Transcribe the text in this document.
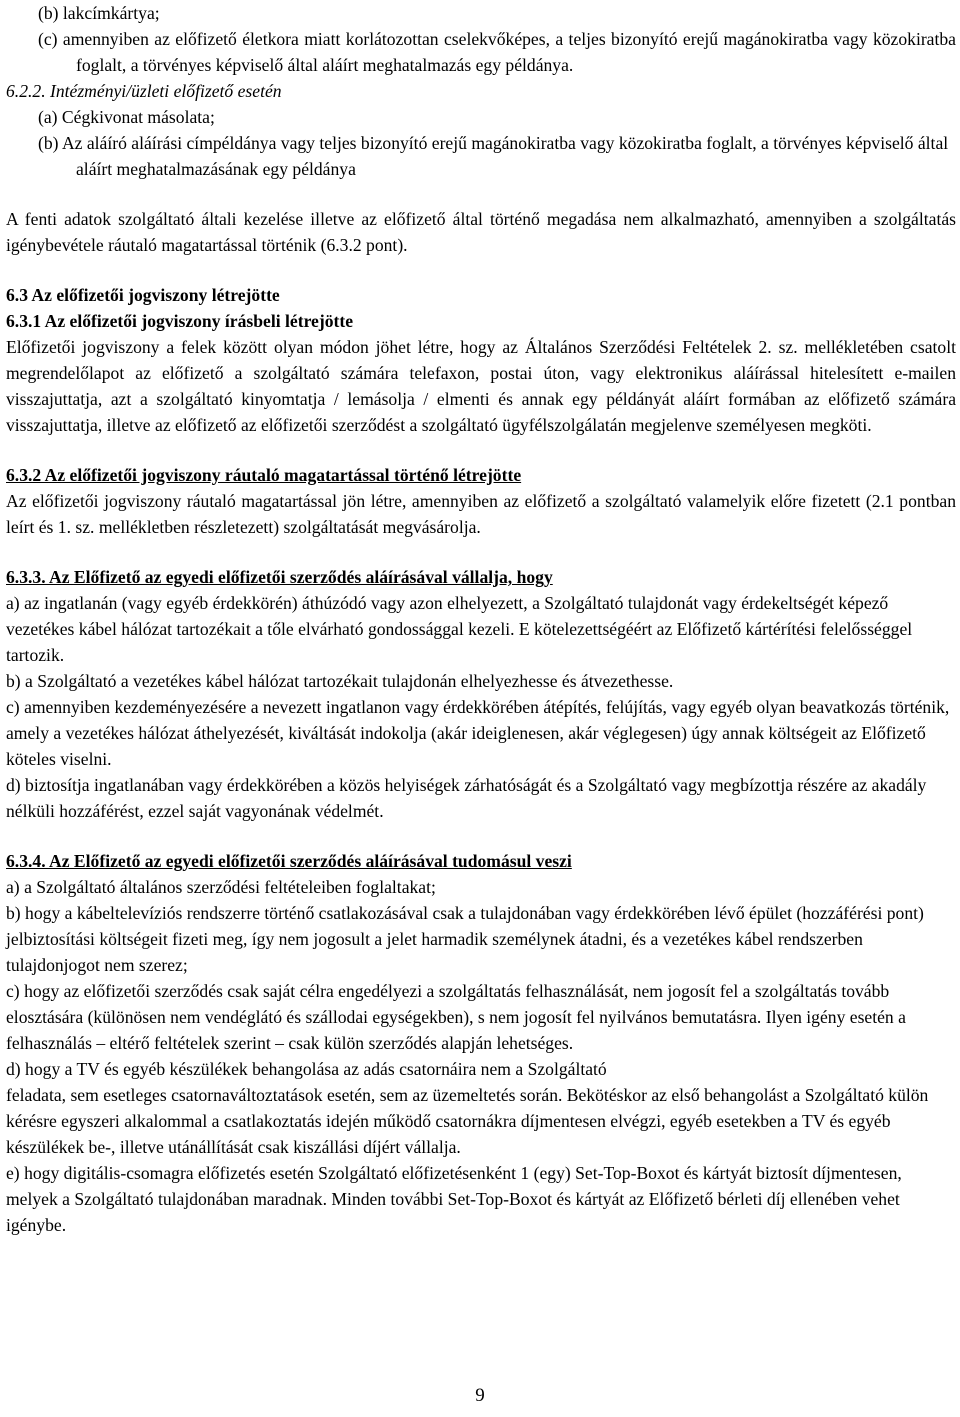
(b) lakcímkártya;

(c) amennyiben az előfizető életkora miatt korlátozottan cselekvőképes, a teljes bizonyító erejű magánokiratba vagy közokiratba foglalt, a törvényes képviselő által aláírt meghatalmazás egy példánya.

6.2.2. Intézményi/üzleti előfizető esetén

(a) Cégkivonat másolata;

(b) Az aláíró aláírási címpéldánya vagy teljes bizonyító erejű magánokiratba vagy közokiratba foglalt, a törvényes képviselő által aláírt meghatalmazásának egy példánya

A fenti adatok szolgáltató általi kezelése illetve az előfizető által történő megadása nem alkalmazható, amennyiben a szolgáltatás igénybevétele ráutaló magatartással történik (6.3.2 pont).

6.3 Az előfizetői jogviszony létrejötte

6.3.1 Az előfizetői jogviszony írásbeli létrejötte

Előfizetői jogviszony a felek között olyan módon jöhet létre, hogy az Általános Szerződési Feltételek 2. sz. mellékletében csatolt megrendelőlapot az előfizető a szolgáltató számára telefaxon, postai úton, vagy elektronikus aláírással hitelesített e-mailen visszajuttatja, azt a szolgáltató kinyomtatja / lemásolja / elmenti és annak egy példányát aláírt formában az előfizető számára visszajuttatja, illetve az előfizető az előfizetői szerződést a szolgáltató ügyfélszolgálatán megjelenve személyesen megköti.

6.3.2 Az előfizetői jogviszony ráutaló magatartással történő létrejötte

Az előfizetői jogviszony ráutaló magatartással jön létre, amennyiben az előfizető a szolgáltató valamelyik előre fizetett (2.1 pontban leírt és 1. sz. mellékletben részletezett) szolgáltatását megvásárolja.

6.3.3. Az Előfizető az egyedi előfizetői szerződés aláírásával vállalja, hogy

a) az ingatlanán (vagy egyéb érdekkörén) áthúzódó vagy azon elhelyezett, a Szolgáltató tulajdonát vagy érdekeltségét képező vezetékes kábel hálózat tartozékait a tőle elvárható gondossággal kezeli. E kötelezettségéért az Előfizető kártérítési felelősséggel tartozik.

b) a Szolgáltató a vezetékes kábel hálózat tartozékait tulajdonán elhelyezhesse és átvezethesse.

c) amennyiben kezdeményezésére a nevezett ingatlanon vagy érdekkörében átépítés, felújítás, vagy egyéb olyan beavatkozás történik, amely a vezetékes hálózat áthelyezését, kiváltását indokolja (akár ideiglenesen, akár véglegesen) úgy annak költségeit az Előfizető köteles viselni.

d) biztosítja ingatlanában vagy érdekkörében a közös helyiségek zárhatóságát és a Szolgáltató vagy megbízottja részére az akadály nélküli hozzáférést, ezzel saját vagyonának védelmét.

6.3.4. Az Előfizető az egyedi előfizetői szerződés aláírásával tudomásul veszi

a) a Szolgáltató általános szerződési feltételeiben foglaltakat;

b) hogy a kábeltelevíziós rendszerre történő csatlakozásával csak a tulajdonában vagy érdekkörében lévő épület (hozzáférési pont) jelbiztosítási költségeit fizeti meg, így nem jogosult a jelet harmadik személynek átadni, és a vezetékes kábel rendszerben tulajdonjogot nem szerez;

c) hogy az előfizetői szerződés csak saját célra engedélyezi a szolgáltatás felhasználását, nem jogosít fel a szolgáltatás tovább elosztására (különösen nem vendéglátó és szállodai egységekben), s nem jogosít fel nyilvános bemutatásra. Ilyen igény esetén a felhasználás – eltérő feltételek szerint – csak külön szerződés alapján lehetséges.

d) hogy a TV és egyéb készülékek behangolása az adás csatornáira nem a Szolgáltató

feladata, sem esetleges csatornaváltoztatások esetén, sem az üzemeltetés során. Bekötéskor az első behangolást a Szolgáltató külön kérésre egyszeri alkalommal a csatlakoztatás idején működő csatornákra díjmentesen elvégzi, egyéb esetekben a TV és egyéb készülékek be-, illetve utánállítását csak kiszállási díjért vállalja.

e) hogy digitális-csomagra előfizetés esetén Szolgáltató előfizetésenként 1 (egy) Set-Top-Boxot és kártyát biztosít díjmentesen, melyek a Szolgáltató tulajdonában maradnak. Minden további Set-Top-Boxot és kártyát az Előfizető bérleti díj ellenében vehet igénybe.

9
